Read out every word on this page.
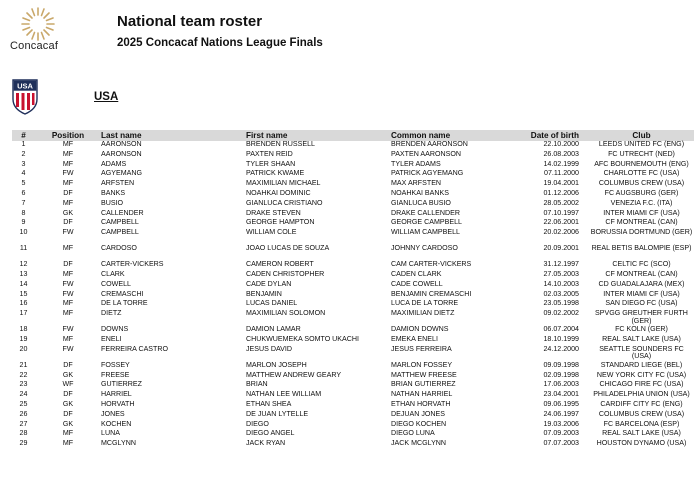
Concacaf
National team roster
2025 Concacaf Nations League Finals
USA
USA
#	Position	Last name	First name	Common name	Date of birth	Club
1	MF	AARONSON	BRENDEN RUSSELL	BRENDEN AARONSON	22.10.2000	LEEDS UNITED FC (ENG)
2	MF	AARONSON	PAXTEN REID	PAXTEN AARONSON	26.08.2003	FC UTRECHT (NED)
3	MF	ADAMS	TYLER SHAAN	TYLER ADAMS	14.02.1999	AFC BOURNEMOUTH (ENG)
4	FW	AGYEMANG	PATRICK KWAME	PATRICK AGYEMANG	07.11.2000	CHARLOTTE FC (USA)
5	MF	ARFSTEN	MAXIMILIAN MICHAEL	MAX ARFSTEN	19.04.2001	COLUMBUS CREW (USA)
6	DF	BANKS	NOAHKAI DOMINIC	NOAHKAI BANKS	01.12.2006	FC AUGSBURG (GER)
7	MF	BUSIO	GIANLUCA CRISTIANO	GIANLUCA BUSIO	28.05.2002	VENEZIA F.C. (ITA)
8	GK	CALLENDER	DRAKE STEVEN	DRAKE CALLENDER	07.10.1997	INTER MIAMI CF (USA)
9	DF	CAMPBELL	GEORGE HAMPTON	GEORGE CAMPBELL	22.06.2001	CF MONTREAL (CAN)
10	FW	CAMPBELL	WILLIAM COLE	WILLIAM CAMPBELL	20.02.2006	BORUSSIA DORTMUND (GER)
11	MF	CARDOSO	JOAO LUCAS DE SOUZA	JOHNNY CARDOSO	20.09.2001	REAL BETIS BALOMPIE (ESP)
12	DF	CARTER-VICKERS	CAMERON ROBERT	CAM CARTER-VICKERS	31.12.1997	CELTIC FC (SCO)
13	MF	CLARK	CADEN CHRISTOPHER	CADEN CLARK	27.05.2003	CF MONTREAL (CAN)
14	FW	COWELL	CADE DYLAN	CADE COWELL	14.10.2003	CD GUADALAJARA (MEX)
15	FW	CREMASCHI	BENJAMIN	BENJAMIN CREMASCHI	02.03.2005	INTER MIAMI CF (USA)
16	MF	DE LA TORRE	LUCAS DANIEL	LUCA DE LA TORRE	23.05.1998	SAN DIEGO FC (USA)
17	MF	DIETZ	MAXIMILIAN SOLOMON	MAXIMILIAN DIETZ	09.02.2002	SPVGG GREUTHER FURTH (GER)
18	FW	DOWNS	DAMION LAMAR	DAMION DOWNS	06.07.2004	FC KOLN (GER)
19	MF	ENELI	CHUKWUEMEKA SOMTO UKACHI	EMEKA ENELI	18.10.1999	REAL SALT LAKE (USA)
20	FW	FERREIRA CASTRO	JESUS DAVID	JESUS FERREIRA	24.12.2000	SEATTLE SOUNDERS FC (USA)
21	DF	FOSSEY	MARLON JOSEPH	MARLON FOSSEY	09.09.1998	STANDARD LIEGE (BEL)
22	GK	FREESE	MATTHEW ANDREW GEARY	MATTHEW FREESE	02.09.1998	NEW YORK CITY FC (USA)
23	WF	GUTIERREZ	BRIAN	BRIAN GUTIERREZ	17.06.2003	CHICAGO FIRE FC (USA)
24	DF	HARRIEL	NATHAN LEE WILLIAM	NATHAN HARRIEL	23.04.2001	PHILADELPHIA UNION (USA)
25	GK	HORVATH	ETHAN SHEA	ETHAN HORVATH	09.06.1995	CARDIFF CITY FC (ENG)
26	DF	JONES	DE JUAN LYTELLE	DEJUAN JONES	24.06.1997	COLUMBUS CREW (USA)
27	GK	KOCHEN	DIEGO	DIEGO KOCHEN	19.03.2006	FC BARCELONA (ESP)
28	MF	LUNA	DIEGO ANGEL	DIEGO LUNA	07.09.2003	REAL SALT LAKE (USA)
29	MF	MCGLYNN	JACK RYAN	JACK MCGLYNN	07.07.2003	HOUSTON DYNAMO (USA)
